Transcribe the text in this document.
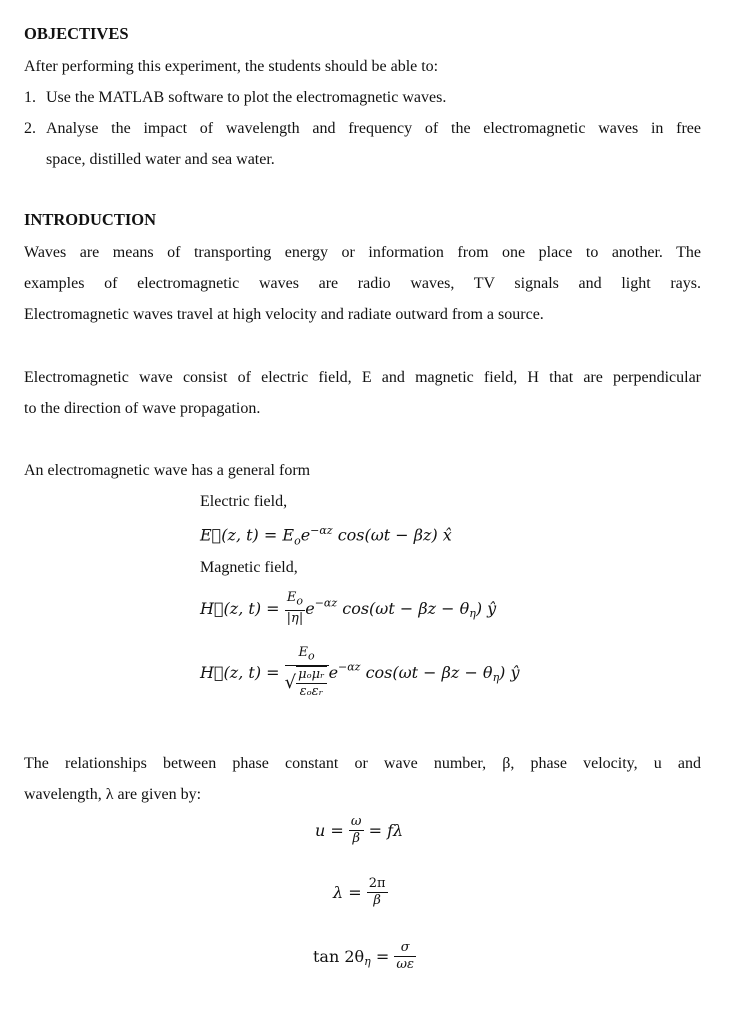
OBJECTIVES
After performing this experiment, the students should be able to:
1. Use the MATLAB software to plot the electromagnetic waves.
2. Analyse the impact of wavelength and frequency of the electromagnetic waves in free
space, distilled water and sea water.
INTRODUCTION
Waves are means of transporting energy or information from one place to another. The
examples of electromagnetic waves are radio waves, TV signals and light rays.
Electromagnetic waves travel at high velocity and radiate outward from a source.
Electromagnetic wave consist of electric field, E and magnetic field, H that are perpendicular
to the direction of wave propagation.
An electromagnetic wave has a general form
Electric field,
E⃗(z, $t) = E_oe^{-\alpha z}$ cos(ωt − βz) x̂
Magnetic field,
H⃗(z, $t) = \frac{E_o}{|\eta|} e^{-\alpha z}$ $\cos(\omega t - \beta z - \theta_\eta)$ ŷ
H⃗(z, $t) = \frac{E_o}{√ \frac{\text{μₒμᵣ}}{\text{εₒεᵣ}}} e^{-\alpha z}$ $\cos(\omega t - \beta z - \theta_\eta)$ ŷ
The relationships between phase constant or wave number, β, phase velocity, u and
wavelength, λ are given by:
$u = \frac{\omega}{\beta} = f\lambda$
$\lambda = \frac{2\pi}{\beta}$
$\tan 2\theta_\eta = \frac{\sigma}{\omega\varepsilon}$
